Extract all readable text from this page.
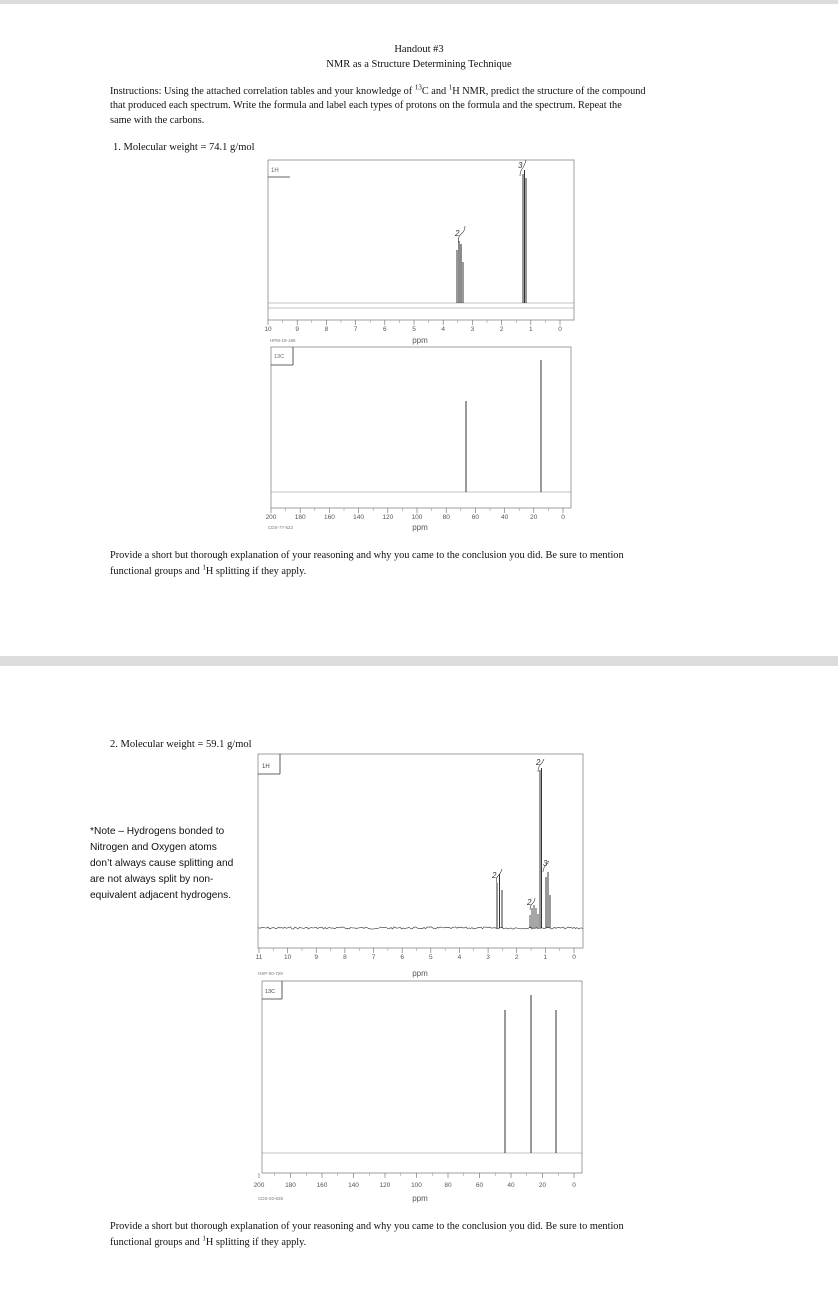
Handout #3
NMR as a Structure Determining Technique
Instructions: Using the attached correlation tables and your knowledge of $^{13}$C and $^1$H NMR, predict the structure of the compound
that produced each spectrum. Write the formula and label each types of protons on the formula and the spectrum. Repeat the
same with the carbons.
1. Molecular weight = 74.1 g/mol
1H
2
3
10	9	8	7	6	5	4	3	2	1	0
ppm
HPM-18-185
13C
200	180	160	140	120	100	80	60	40	20	0
ppm
CDS-77-522
Provide a short but thorough explanation of your reasoning and why you came to the conclusion you did. Be sure to mention
functional groups and $^1$H splitting if they apply.
2. Molecular weight = 59.1 g/mol
*Note – Hydrogens bonded to
Nitrogen and Oxygen atoms
don’t always cause splitting and
are not always split by non-
equivalent adjacent hydrogens.
1H
2
2
2
3
11	10	9	8	7	6	5	4	3	2	1	0
ppm
HSP-00-729
13C
200	180	160	140	120	100	80	60	40	20	0
ppm
CDS-03-628
Provide a short but thorough explanation of your reasoning and why you came to the conclusion you did. Be sure to mention
functional groups and $^1$H splitting if they apply.
